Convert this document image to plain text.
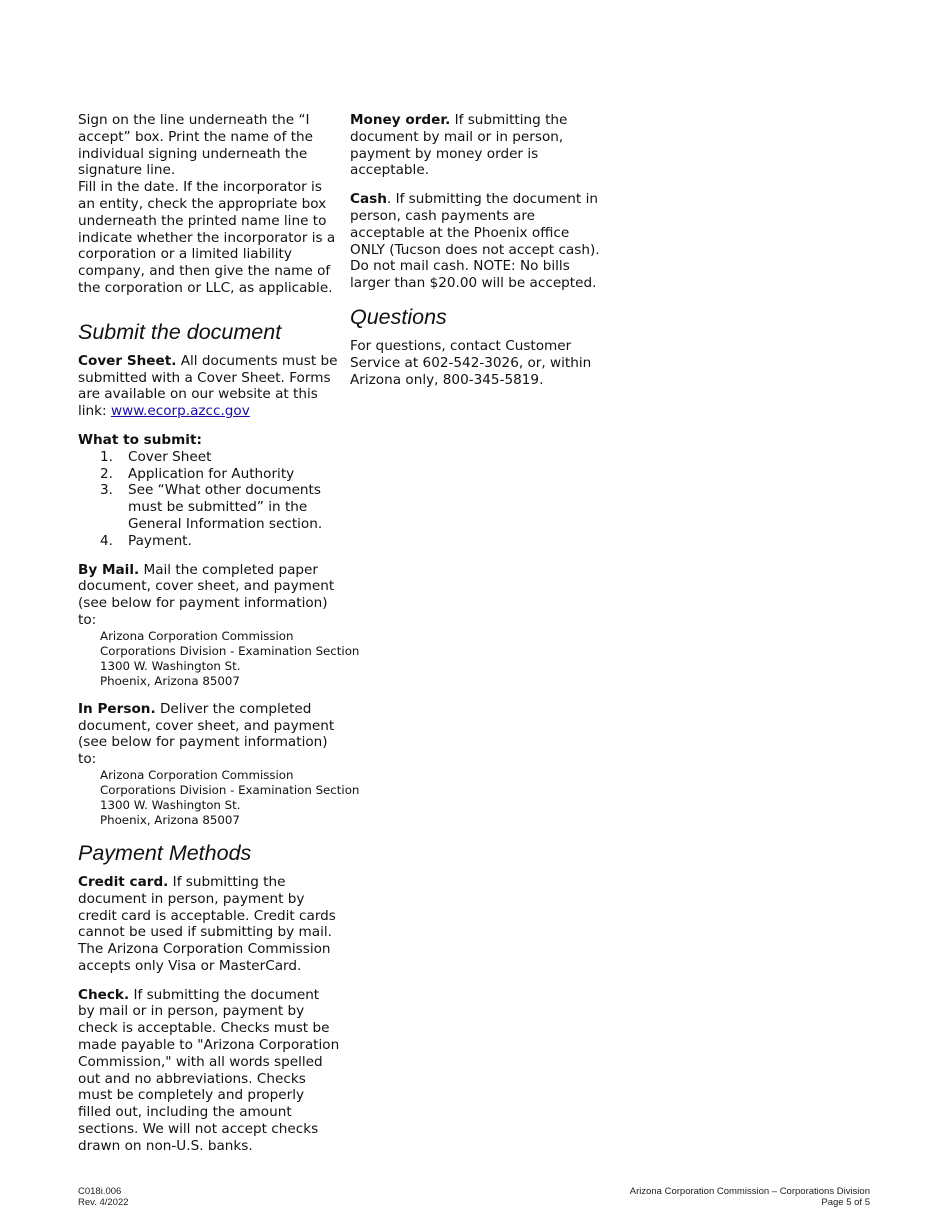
Sign on the line underneath the “I accept” box. Print the name of the individual signing underneath the signature line.

Fill in the date. If the incorporator is an entity, check the appropriate box underneath the printed name line to indicate whether the incorporator is a corporation or a limited liability company, and then give the name of the corporation or LLC, as applicable.

Submit the document

Cover Sheet. All documents must be submitted with a Cover Sheet. Forms are available on our website at this link: www.ecorp.azcc.gov

What to submit:
1. Cover Sheet
2. Application for Authority
3. See “What other documents must be submitted” in the General Information section.
4. Payment.

By Mail. Mail the completed paper document, cover sheet, and payment (see below for payment information) to:

Arizona Corporation Commission
Corporations Division - Examination Section
1300 W. Washington St.
Phoenix, Arizona 85007

In Person. Deliver the completed document, cover sheet, and payment (see below for payment information) to:

Arizona Corporation Commission
Corporations Division - Examination Section
1300 W. Washington St.
Phoenix, Arizona 85007
Payment Methods

Credit card. If submitting the document in person, payment by credit card is acceptable. Credit cards cannot be used if submitting by mail. The Arizona Corporation Commission accepts only Visa or MasterCard.

Check. If submitting the document by mail or in person, payment by check is acceptable. Checks must be made payable to "Arizona Corporation Commission," with all words spelled out and no abbreviations. Checks must be completely and properly filled out, including the amount sections. We will not accept checks drawn on non-U.S. banks.

Money order. If submitting the document by mail or in person, payment by money order is acceptable.

Cash. If submitting the document in person, cash payments are acceptable at the Phoenix office ONLY (Tucson does not accept cash). Do not mail cash. NOTE: No bills larger than $20.00 will be accepted.

Questions

For questions, contact Customer Service at 602-542-3026, or, within Arizona only, 800-345-5819.

C018i.006
Rev. 4/2022
Arizona Corporation Commission – Corporations Division
Page 5 of 5
